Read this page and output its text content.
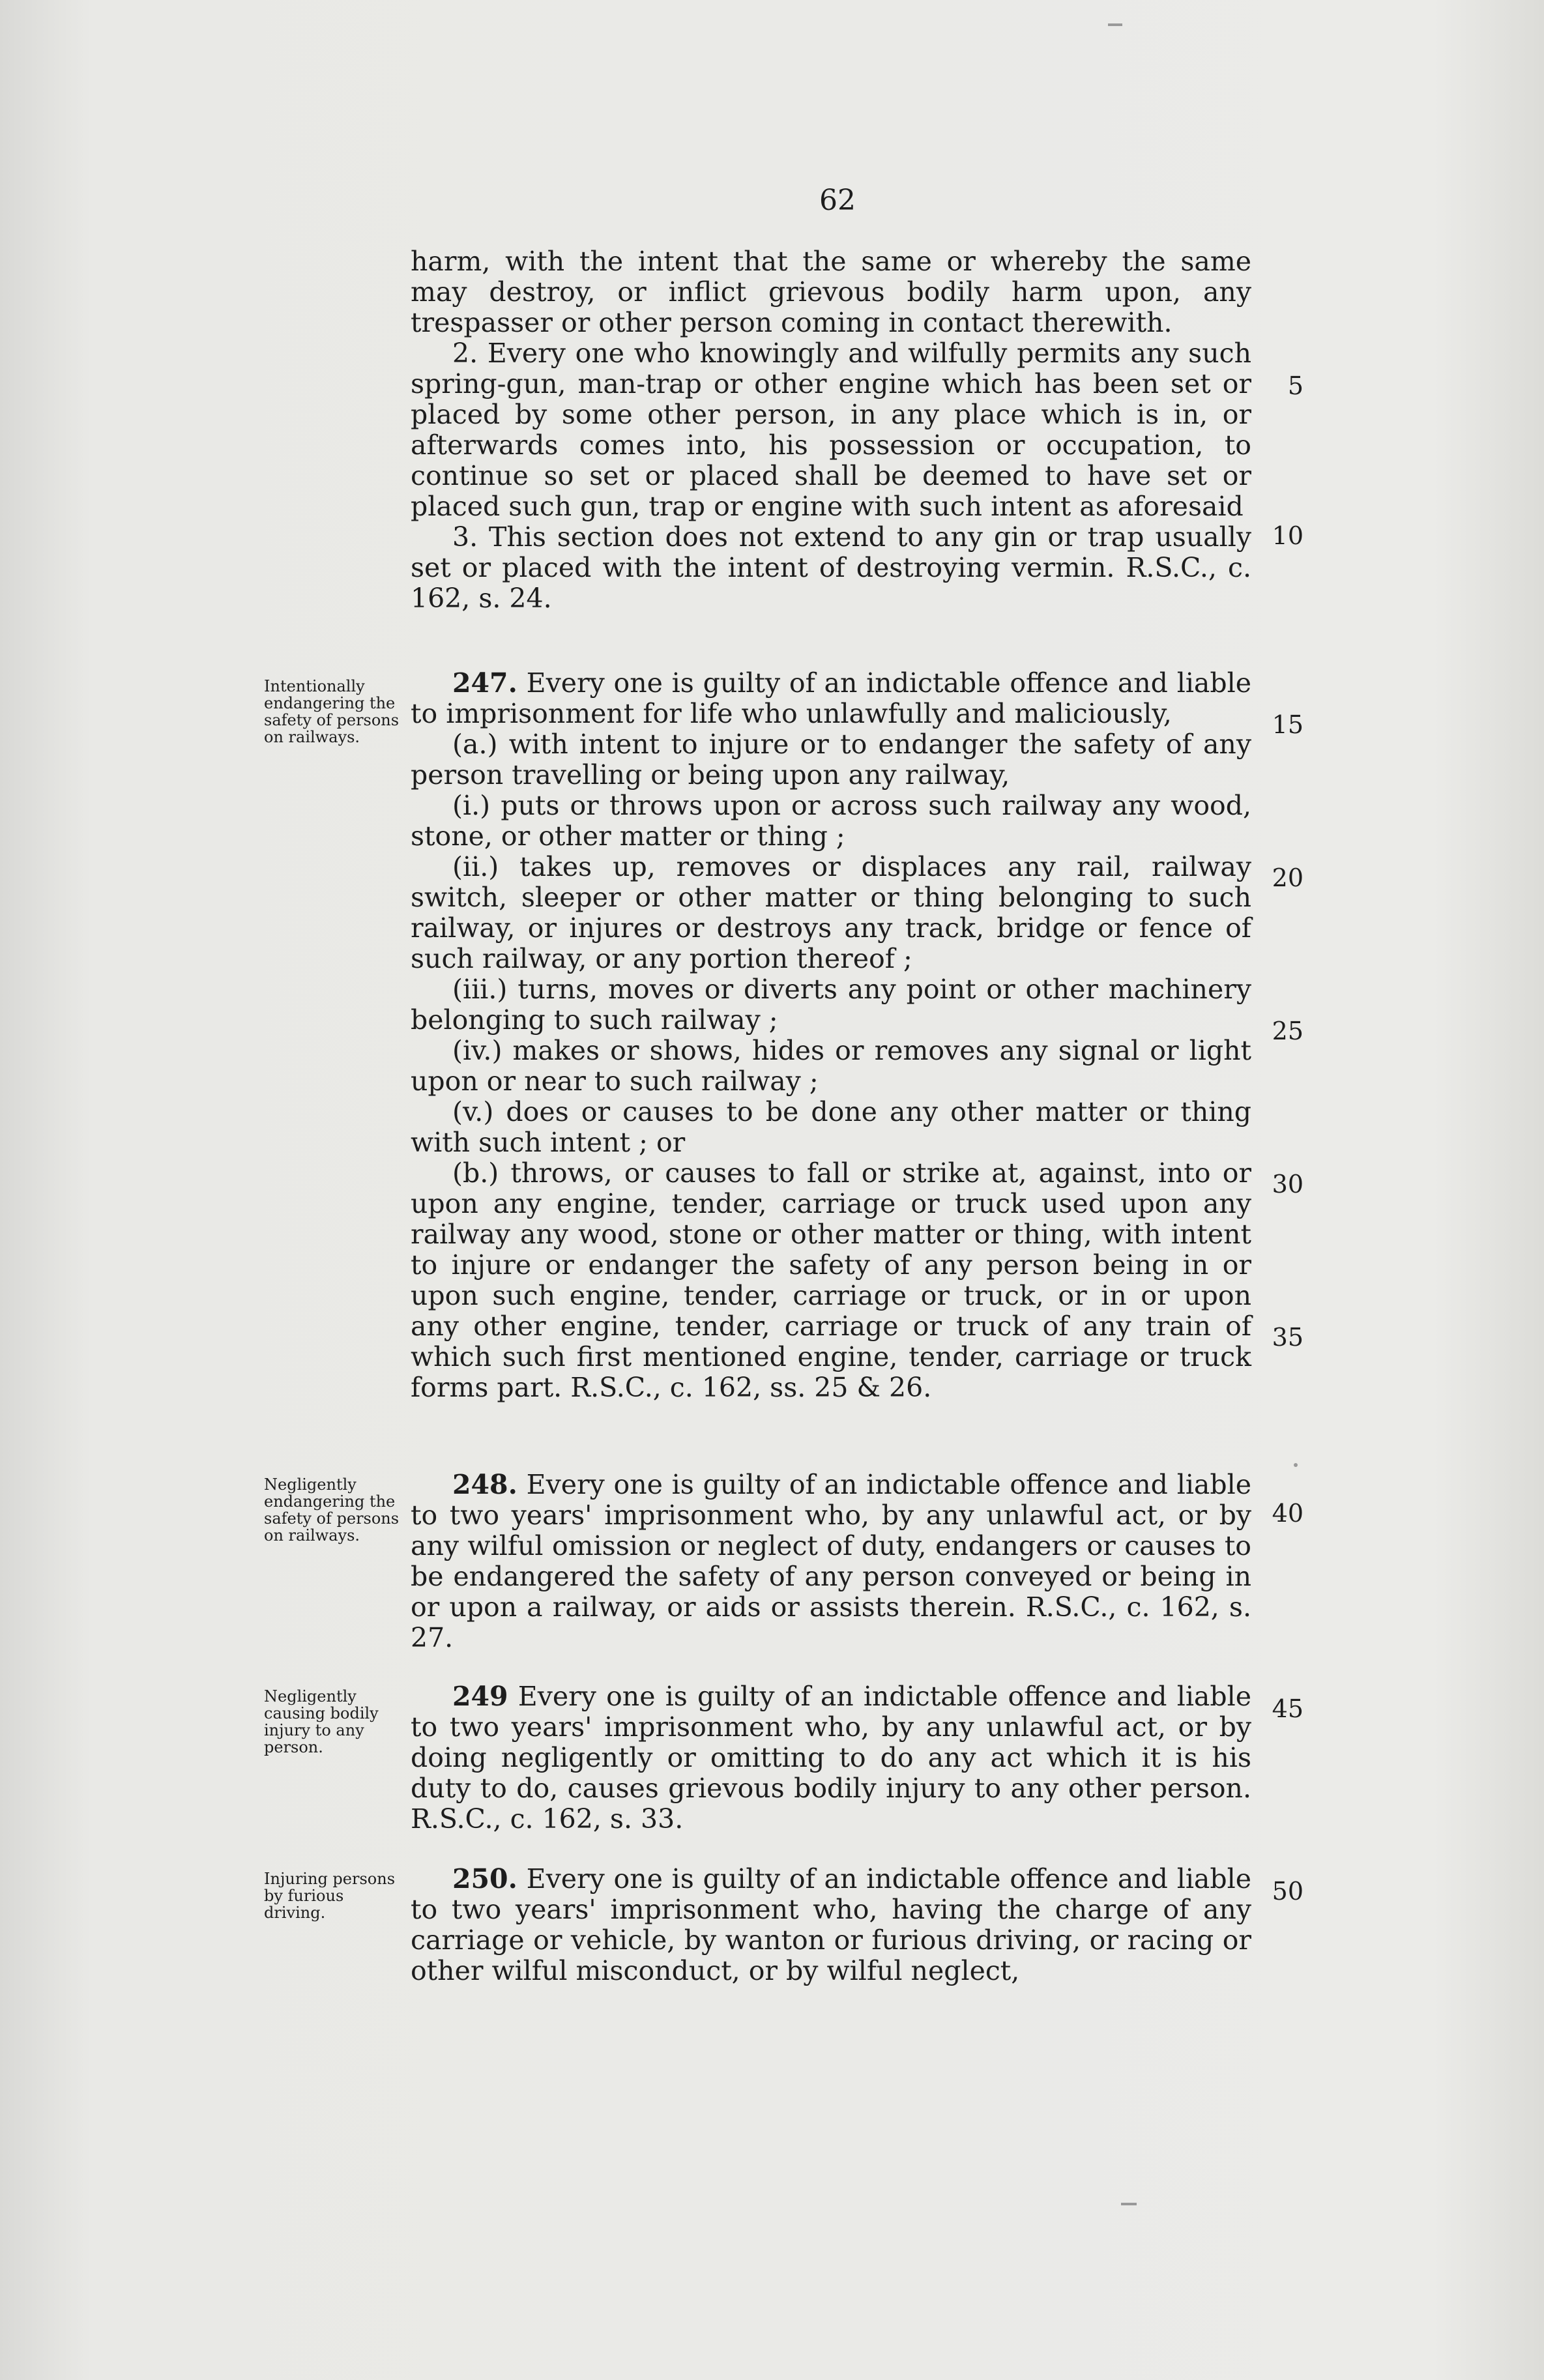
62

harm, with the intent that the same or whereby the same may destroy, or inflict grievous bodily harm upon, any trespasser or other person coming in contact therewith.

2. Every one who knowingly and wilfully permits any such spring-gun, man-trap or other engine which has been set or placed by some other person, in any place which is in, or afterwards comes into, his possession or occupation, to continue so set or placed shall be deemed to have set or placed such gun, trap or engine with such intent as aforesaid

3. This section does not extend to any gin or trap usually set or placed with the intent of destroying vermin. R.S.C., c. 162, s. 24.

Intentionally endangering the safety of persons on railways.

247. Every one is guilty of an indictable offence and liable to imprisonment for life who unlawfully and maliciously,

(a.) with intent to injure or to endanger the safety of any person travelling or being upon any railway,

(i.) puts or throws upon or across such railway any wood, stone, or other matter or thing ;

(ii.) takes up, removes or displaces any rail, railway switch, sleeper or other matter or thing belonging to such railway, or injures or destroys any track, bridge or fence of such railway, or any portion thereof ;

(iii.) turns, moves or diverts any point or other machinery belonging to such railway ;

(iv.) makes or shows, hides or removes any signal or light upon or near to such railway ;

(v.) does or causes to be done any other matter or thing with such intent ; or

(b.) throws, or causes to fall or strike at, against, into or upon any engine, tender, carriage or truck used upon any railway any wood, stone or other matter or thing, with intent to injure or endanger the safety of any person being in or upon such engine, tender, carriage or truck, or in or upon any other engine, tender, carriage or truck of any train of which such first mentioned engine, tender, carriage or truck forms part. R.S.C., c. 162, ss. 25 & 26.

Negligently endangering the safety of persons on railways.

248. Every one is guilty of an indictable offence and liable to two years' imprisonment who, by any unlawful act, or by any wilful omission or neglect of duty, endangers or causes to be endangered the safety of any person conveyed or being in or upon a railway, or aids or assists therein. R.S.C., c. 162, s. 27.

Negligently causing bodily injury to any person.

249 Every one is guilty of an indictable offence and liable to two years' imprisonment who, by any unlawful act, or by doing negligently or omitting to do any act which it is his duty to do, causes grievous bodily injury to any other person. R.S.C., c. 162, s. 33.

Injuring persons by furious driving.

250. Every one is guilty of an indictable offence and liable to two years' imprisonment who, having the charge of any carriage or vehicle, by wanton or furious driving, or racing or other wilful misconduct, or by wilful neglect,

5
10
15
20
25
30
35
40
45
50
